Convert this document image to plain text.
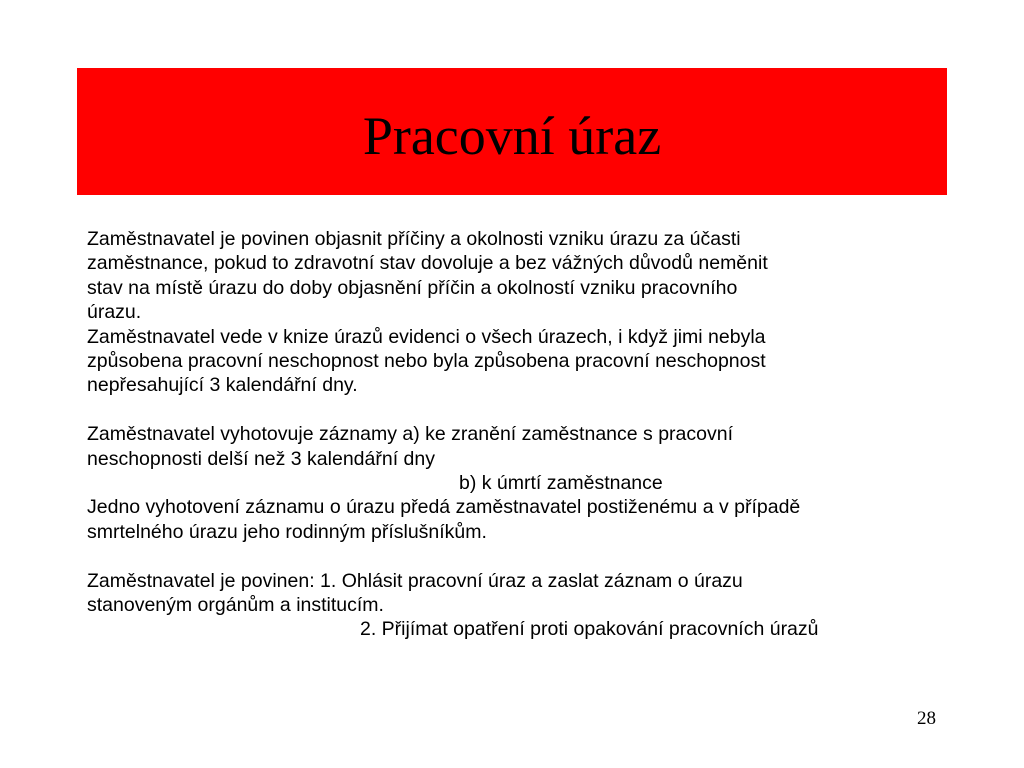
Pracovní úraz

Zaměstnavatel je povinen objasnit příčiny a okolnosti vzniku úrazu za účasti
zaměstnance, pokud to zdravotní stav dovoluje a bez vážných důvodů neměnit
stav na místě úrazu do doby objasnění příčin a okolností vzniku pracovního
úrazu.

Zaměstnavatel vede v knize úrazů evidenci o všech úrazech, i když jimi nebyla
způsobena pracovní neschopnost nebo byla způsobena pracovní neschopnost
nepřesahující 3 kalendářní dny.

Zaměstnavatel vyhotovuje záznamy a) ke zranění zaměstnance s pracovní
neschopnosti delší než 3 kalendářní dny

b) k úmrtí zaměstnance

Jedno vyhotovení záznamu o úrazu předá zaměstnavatel postiženému a v případě
smrtelného úrazu jeho rodinným příslušníkům.

Zaměstnavatel je povinen: 1. Ohlásit pracovní úraz a zaslat záznam o úrazu
stanoveným orgánům a institucím.

2. Přijímat opatření proti opakování pracovních úrazů

28
